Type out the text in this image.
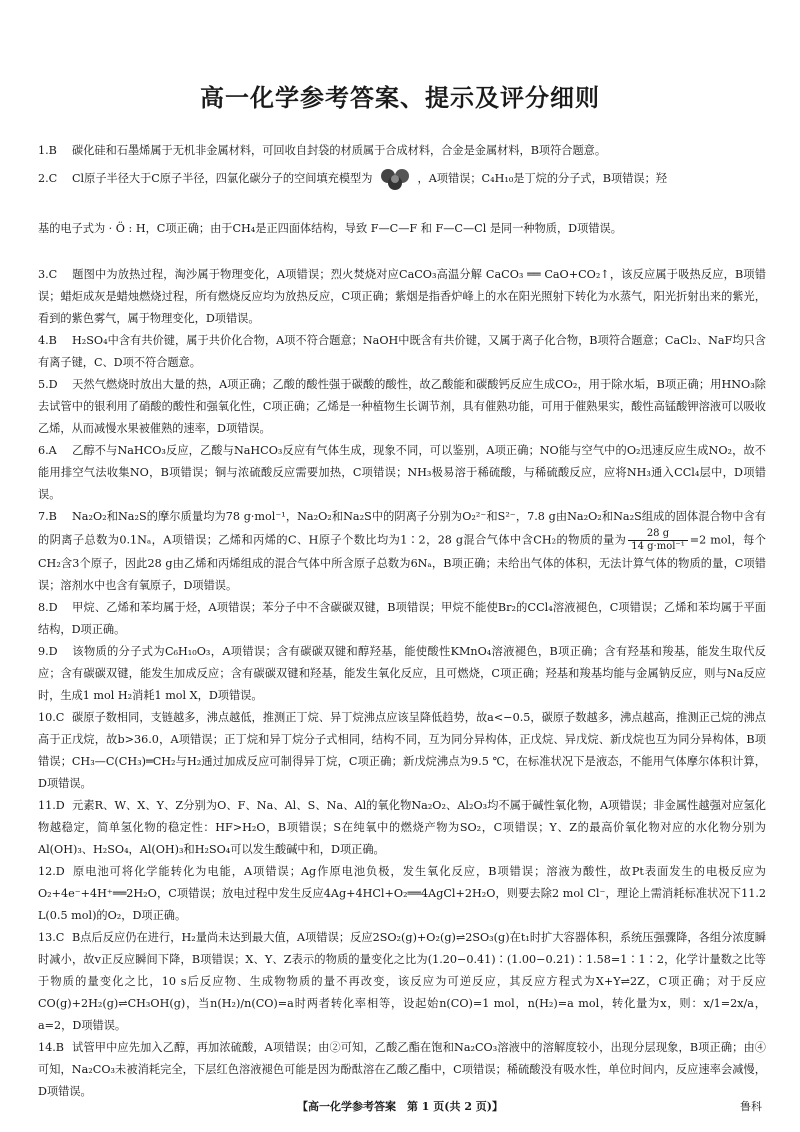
高一化学参考答案、提示及评分细则

1.B 碳化硅和石墨烯属于无机非金属材料，可回收自封袋的材质属于合成材料，合金是金属材料，B项符合题意。

2.C Cl原子半径大于C原子半径，四氯化碳分子的空间填充模型为	，A项错误；C₄H₁₀是丁烷的分子式，B项错误；羟
基的电子式为 · Ö : H，C项正确；由于CH₄是正四面体结构，导致 F—C—F 和 F—C—Cl 是同一种物质，D项错误。

3.C 题图中为放热过程，淘沙属于物理变化，A项错误；烈火焚烧对应CaCO₃高温分解 CaCO₃ ══ CaO+CO₂↑，该反应属于吸热反应，B项错误；蜡炬成灰是蜡烛燃烧过程，所有燃烧反应均为放热反应，C项正确；紫烟是指香炉峰上的水在阳光照射下转化为水蒸气，阳光折射出来的紫光，看到的紫色雾气，属于物理变化，D项错误。

4.B H₂SO₄中含有共价键，属于共价化合物，A项不符合题意；NaOH中既含有共价键，又属于离子化合物，B项符合题意；CaCl₂、NaF均只含有离子键，C、D项不符合题意。

5.D 天然气燃烧时放出大量的热，A项正确；乙酸的酸性强于碳酸的酸性，故乙酸能和碳酸钙反应生成CO₂，用于除水垢，B项正确；用HNO₃除去试管中的银利用了硝酸的酸性和强氧化性，C项正确；乙烯是一种植物生长调节剂，具有催熟功能，可用于催熟果实，酸性高锰酸钾溶液可以吸收乙烯，从而减慢水果被催熟的速率，D项错误。

6.A 乙醇不与NaHCO₃反应，乙酸与NaHCO₃反应有气体生成，现象不同，可以鉴别，A项正确；NO能与空气中的O₂迅速反应生成NO₂，故不能用排空气法收集NO，B项错误；铜与浓硫酸反应需要加热，C项错误；NH₃极易溶于稀硫酸，与稀硫酸反应，应将NH₃通入CCl₄层中，D项错误。

7.B Na₂O₂和Na₂S的摩尔质量均为78 g·mol⁻¹，Na₂O₂和Na₂S中的阴离子分别为O₂²⁻和S²⁻，7.8 g由Na₂O₂和Na₂S组成的固体混合物中含有的阴离子总数为0.1Nₐ，A项错误；乙烯和丙烯的C、H原子个数比均为1∶2，28 g混合气体中含CH₂的物质的量为 $\frac{28 g}{\text{14 g·mol⁻¹}} =2$ mol，每个CH₂含3个原子，因此28 g由乙烯和丙烯组成的混合气体中所含原子总数为6Nₐ，B项正确；未给出气体的体积，无法计算气体的物质的量，C项错误；溶剂水中也含有氧原子，D项错误。

8.D 甲烷、乙烯和苯均属于烃，A项错误；苯分子中不含碳碳双键，B项错误；甲烷不能使Br₂的CCl₄溶液褪色，C项错误；乙烯和苯均属于平面结构，D项正确。

9.D 该物质的分子式为C₆H₁₀O₃，A项错误；含有碳碳双键和醇羟基，能使酸性KMnO₄溶液褪色，B项正确；含有羟基和羧基，能发生取代反应；含有碳碳双键，能发生加成反应；含有碳碳双键和羟基，能发生氧化反应，且可燃烧，C项正确；羟基和羧基均能与金属钠反应，则与Na反应时，生成1 mol H₂消耗1 mol X，D项错误。

10.C 碳原子数相同，支链越多，沸点越低，推测正丁烷、异丁烷沸点应该呈降低趋势，故a<−0.5，碳原子数越多，沸点越高，推测正己烷的沸点高于正戊烷，故b>36.0，A项错误；正丁烷和异丁烷分子式相同，结构不同，互为同分异构体，正戊烷、异戊烷、新戊烷也互为同分异构体，B项错误；CH₃—C(CH₃)═CH₂与H₂通过加成反应可制得异丁烷，C项正确；新戊烷沸点为9.5 ℃，在标准状况下是液态，不能用气体摩尔体积计算，D项错误。

11.D 元素R、W、X、Y、Z分别为O、F、Na、Al、S、Na、Al的氧化物Na₂O₂、Al₂O₃均不属于碱性氧化物，A项错误；非金属性越强对应氢化物越稳定，简单氢化物的稳定性：HF>H₂O，B项错误；S在纯氧中的燃烧产物为SO₂，C项错误；Y、Z的最高价氧化物对应的水化物分别为Al(OH)₃、H₂SO₄，Al(OH)₃和H₂SO₄可以发生酸碱中和，D项正确。

12.D 原电池可将化学能转化为电能，A项错误；Ag作原电池负极，发生氧化反应，B项错误；溶液为酸性，故Pt表面发生的电极反应为O₂+4e⁻+4H⁺══2H₂O，C项错误；放电过程中发生反应4Ag+4HCl+O₂══4AgCl+2H₂O，则要去除2 mol Cl⁻，理论上需消耗标准状况下11.2 L(0.5 mol)的O₂，D项正确。

13.C B点后反应仍在进行，H₂量尚未达到最大值，A项错误；反应2SO₂(g)+O₂(g)⇌2SO₃(g)在t₁时扩大容器体积，系统压强骤降，各组分浓度瞬时减小，故v正反应瞬间下降，B项错误；X、Y、Z表示的物质的量变化之比为(1.20−0.41)∶(1.00−0.21)∶1.58=1∶1∶2，化学计量数之比等于物质的量变化之比，10 s后反应物、生成物物质的量不再改变，该反应为可逆反应，其反应方程式为X+Y⇌2Z，C项正确；对于反应CO(g)+2H₂(g)⇌CH₃OH(g)，当n(H₂)/n(CO)=a时两者转化率相等，设起始n(CO)=1 mol，n(H₂)=a mol，转化量为x，则：x/1=2x/a，a=2，D项错误。

14.B 试管甲中应先加入乙醇，再加浓硫酸，A项错误；由②可知，乙酸乙酯在饱和Na₂CO₃溶液中的溶解度较小，出现分层现象，B项正确；由④可知，Na₂CO₃未被消耗完全，下层红色溶液褪色可能是因为酚酞溶在乙酸乙酯中，C项错误；稀硫酸没有吸水性，单位时间内，反应速率会减慢，D项错误。

【高一化学参考答案　第 1 页(共 2 页)】	鲁科
